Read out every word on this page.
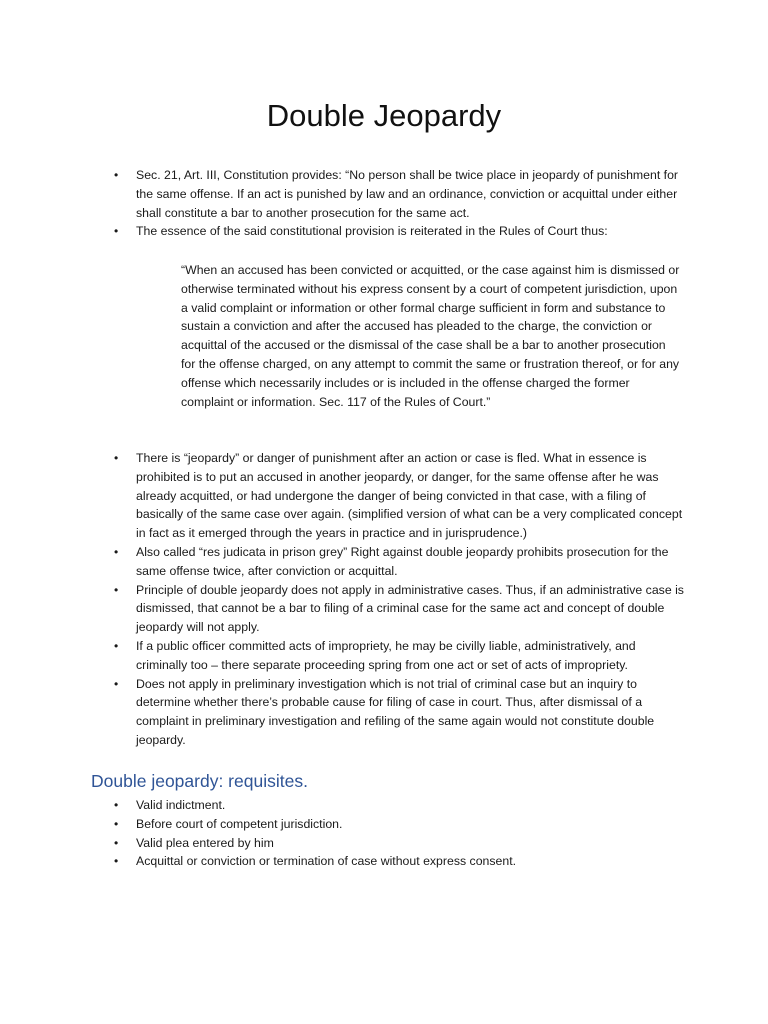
Double Jeopardy
• Sec. 21, Art. III, Constitution provides: “No person shall be twice place in jeopardy of punishment for the same offense. If an act is punished by law and an ordinance, conviction or acquittal under either shall constitute a bar to another prosecution for the same act.
• The essence of the said constitutional provision is reiterated in the Rules of Court thus:
“When an accused has been convicted or acquitted, or the case against him is dismissed or otherwise terminated without his express consent by a court of competent jurisdiction, upon a valid complaint or information or other formal charge sufficient in form and substance to sustain a conviction and after the accused has pleaded to the charge, the conviction or acquittal of the accused or the dismissal of the case shall be a bar to another prosecution for the offense charged, on any attempt to commit the same or frustration thereof, or for any offense which necessarily includes or is included in the offense charged the former complaint or information. Sec. 117 of the Rules of Court.”
• There is “jeopardy” or danger of punishment after an action or case is fled. What in essence is prohibited is to put an accused in another jeopardy, or danger, for the same offense after he was already acquitted, or had undergone the danger of being convicted in that case, with a filing of basically of the same case over again. (simplified version of what can be a very complicated concept in fact as it emerged through the years in practice and in jurisprudence.)
• Also called “res judicata in prison grey” Right against double jeopardy prohibits prosecution for the same offense twice, after conviction or acquittal.
• Principle of double jeopardy does not apply in administrative cases. Thus, if an administrative case is dismissed, that cannot be a bar to filing of a criminal case for the same act and concept of double jeopardy will not apply.
• If a public officer committed acts of impropriety, he may be civilly liable, administratively, and criminally too – there separate proceeding spring from one act or set of acts of impropriety.
• Does not apply in preliminary investigation which is not trial of criminal case but an inquiry to determine whether there’s probable cause for filing of case in court. Thus, after dismissal of a complaint in preliminary investigation and refiling of the same again would not constitute double jeopardy.
Double jeopardy: requisites.
• Valid indictment.
• Before court of competent jurisdiction.
• Valid plea entered by him
• Acquittal or conviction or termination of case without express consent.
